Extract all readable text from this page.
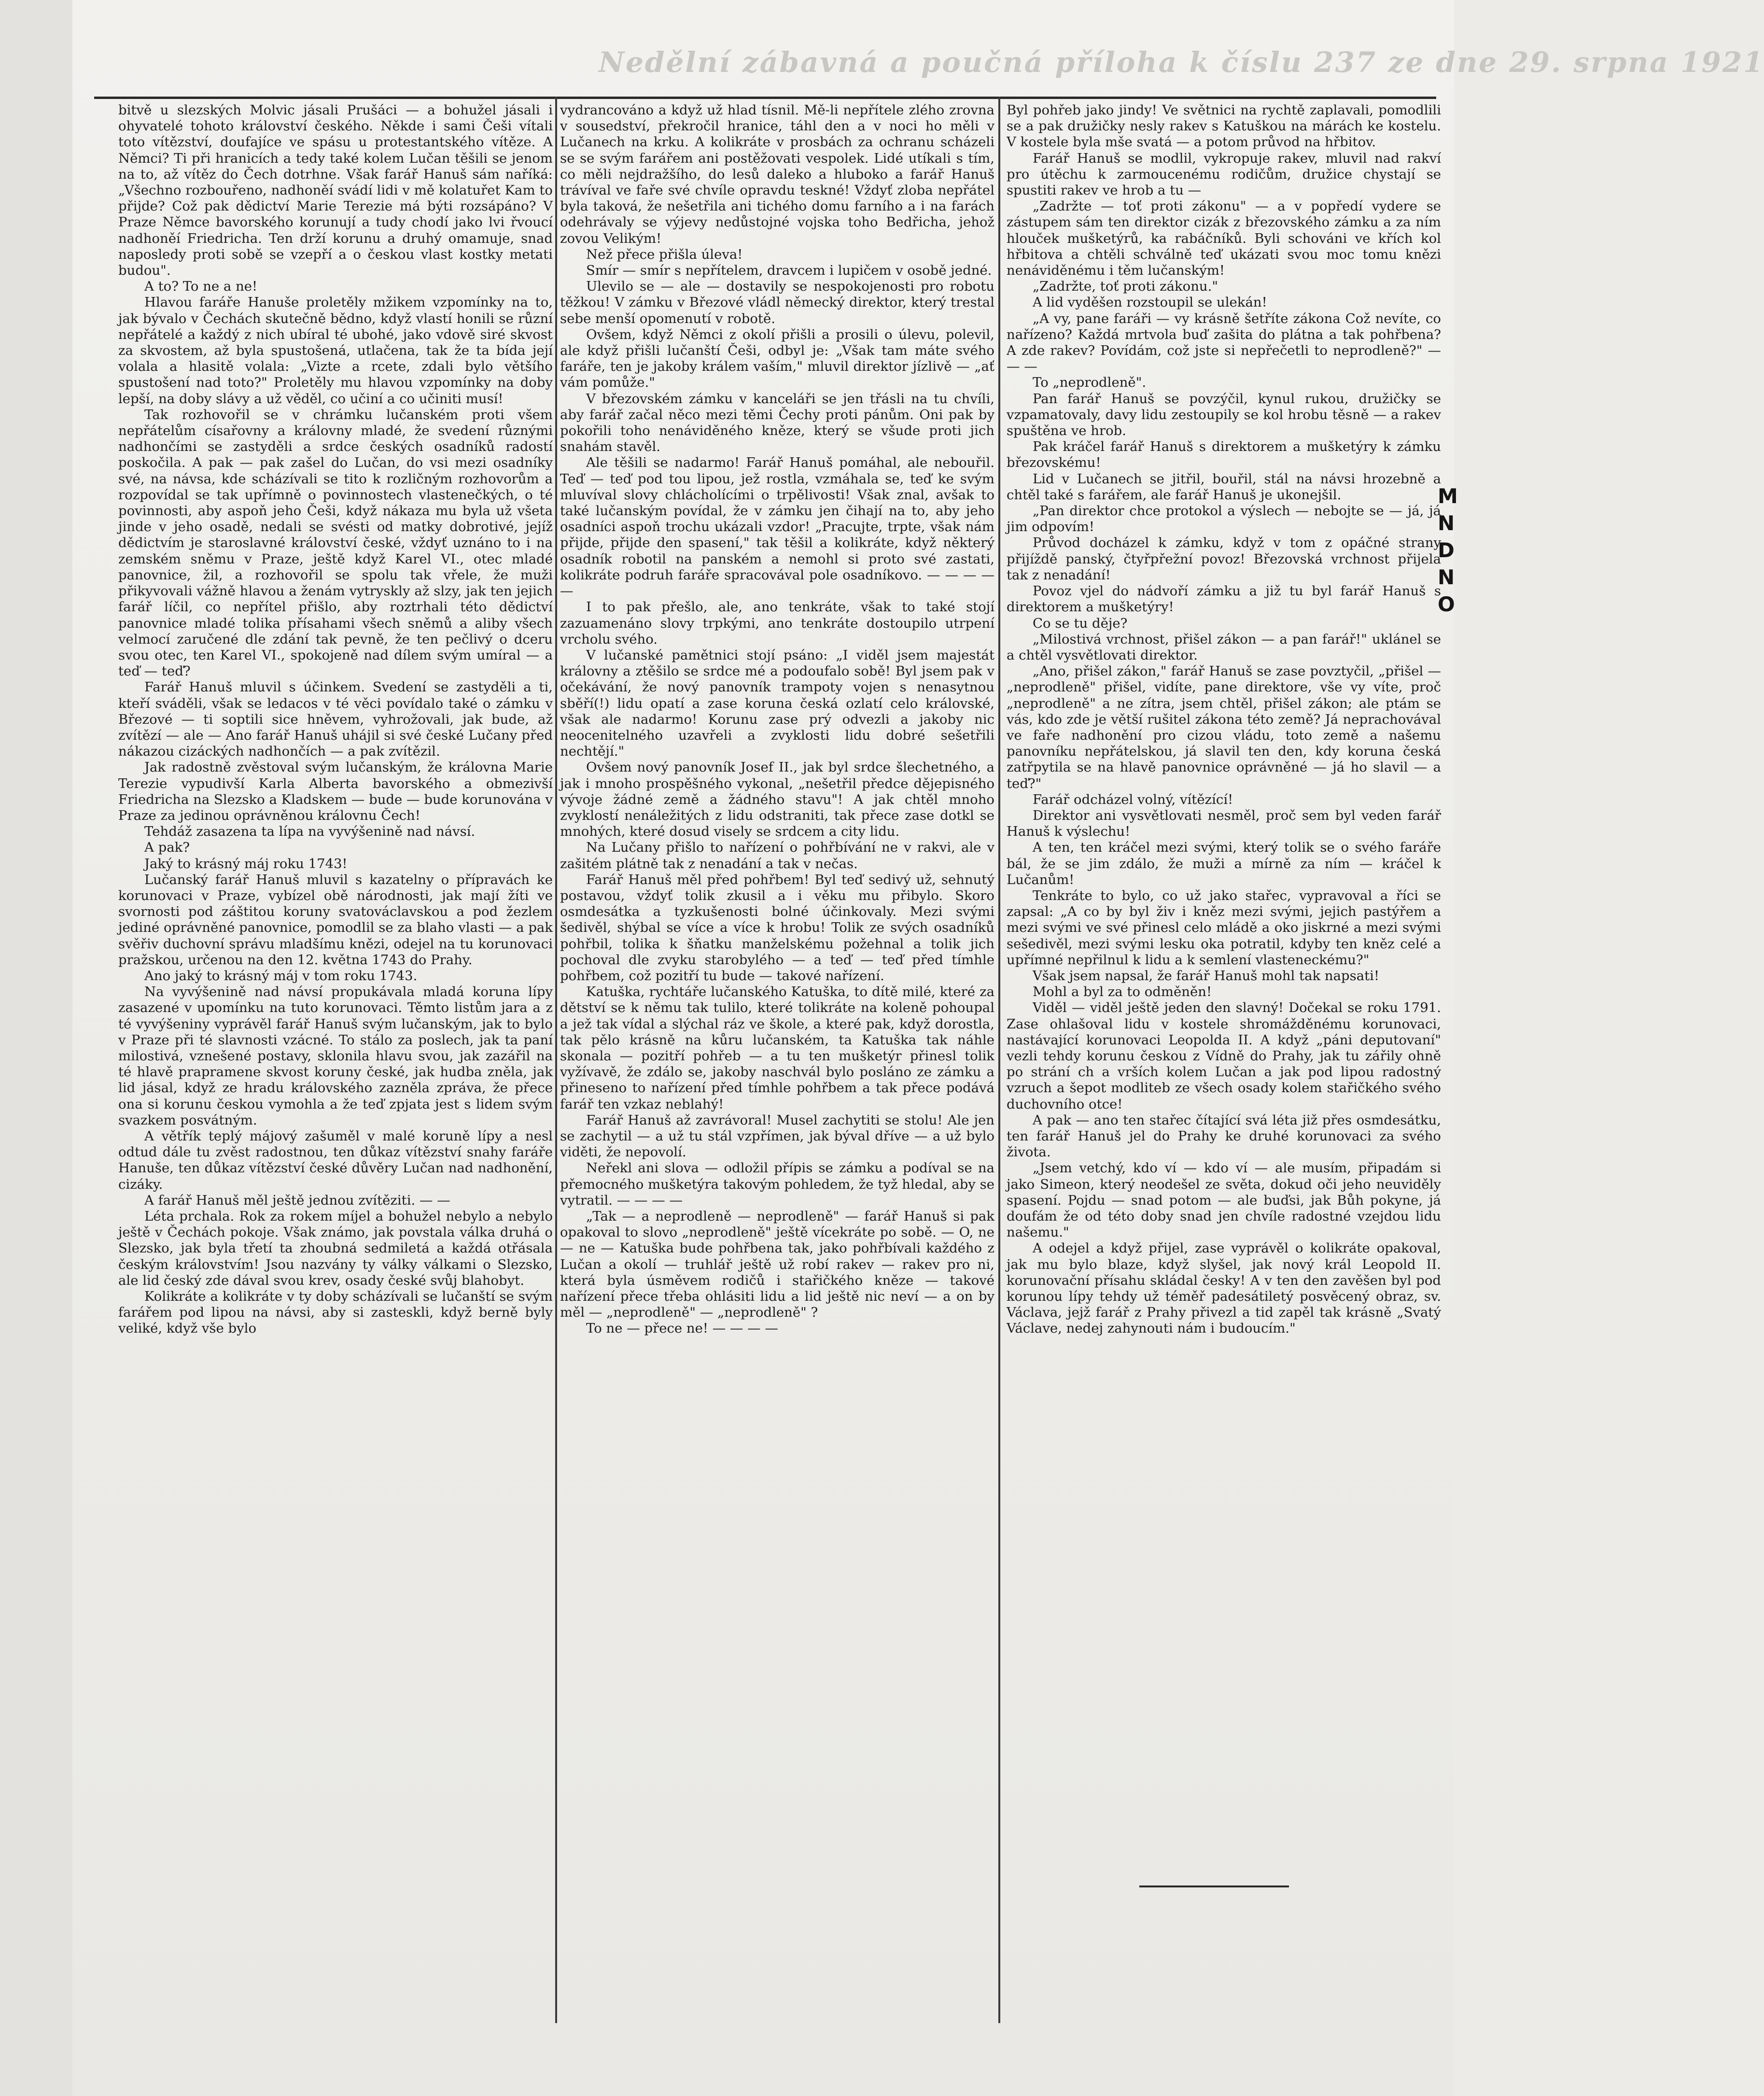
Nedělní zábavná a poučná příloha k číslu 237 ze dne 29. srpna 1921

bitvě u slezských Molvic jásali Prušáci — a bohužel jásali i ohyvatelé tohoto království českého. Někde i sami Češi vítali toto vítězství, doufajíce ve spásu u protestantského vítěze. A Němci? Ti při hranicích a tedy také kolem Lučan těšili se jenom na to, až vítěz do Čech dotrhne. Však farář Hanuš sám naříká: „Všechno rozbouřeno, nadhoněí svádí lidi v mě kolatuřet Kam to přijde? Což pak dědictví Marie Terezie má býti rozsápáno? V Praze Němce bavorského korunují a tudy chodí jako lvi řvoucí nadhoněí Friedricha. Ten drží korunu a druhý omamuje, snad naposledy proti sobě se vzepří a o českou vlast kostky metati budou".

A to? To ne a ne!

Hlavou faráře Hanuše proletěly mžikem vzpomínky na to, jak bývalo v Čechách skutečně bědno, když vlastí honili se různí nepřátelé a každý z nich ubíral té ubohé, jako vdově siré skvost za skvostem, až byla spustošená, utlačena, tak že ta bída její volala a hlasitě volala: „Vizte a rcete, zdali bylo většího spustošení nad toto?" Proletěly mu hlavou vzpomínky na doby lepší, na doby slávy a už věděl, co učiní a co učiniti musí!

Tak rozhovořil se v chrámku lučanském proti všem nepřátelům císařovny a královny mladé, že svedení různými nadhončími se zastyděli a srdce českých osadníků radostí poskočila. A pak — pak zašel do Lučan, do vsi mezi osadníky své, na návsa, kde scházívali se tito k rozličným rozhovorům a rozpovídal se tak upřímně o povinnostech vlastenečkých, o té povinnosti, aby aspoň jeho Češi, když nákaza mu byla už všeta jinde v jeho osadě, nedali se svésti od matky dobrotivé, jejíž dědictvím je staroslavné království české, vždyť uznáno to i na zemském sněmu v Praze, ještě když Karel VI., otec mladé panovnice, žil, a rozhovořil se spolu tak vřele, že muži přikyvovali vážně hlavou a ženám vytryskly až slzy, jak ten jejich farář líčil, co nepřítel přišlo, aby roztrhali této dědictví panovnice mladé tolika přísahami všech sněmů a aliby všech velmocí zaručené dle zdání tak pevně, že ten pečlivý o dceru svou otec, ten Karel VI., spokojeně nad dílem svým umíral — a teď — teď?

Farář Hanuš mluvil s účinkem. Svedení se zastyděli a ti, kteří sváděli, však se ledacos v té věci povídalo také o zámku v Březové — ti soptili sice hněvem, vyhrožovali, jak bude, až zvítězí — ale — Ano farář Hanuš uhájil si své české Lučany před nákazou cizáckých nadhončích — a pak zvítězil.

Jak radostně zvěstoval svým lučanským, že královna Marie Terezie vypudivší Karla Alberta bavorského a obmezivší Friedricha na Slezsko a Kladskem — bude — bude korunována v Praze za jedinou oprávněnou královnu Čech!

Tehdáž zasazena ta lípa na vyvýšenině nad návsí.

A pak?

Jaký to krásný máj roku 1743!

Lučanský farář Hanuš mluvil s kazatelny o přípravách ke korunovaci v Praze, vybízel obě národnosti, jak mají žíti ve svornosti pod záštitou koruny svatováclavskou a pod žezlem jediné oprávněné panovnice, pomodlil se za blaho vlasti — a pak svěřiv duchovní správu mladšímu knězi, odejel na tu korunovaci pražskou, určenou na den 12. května 1743 do Prahy.

Ano jaký to krásný máj v tom roku 1743.

Na vyvýšenině nad návsí propukávala mladá koruna lípy zasazené v upomínku na tuto korunovaci. Těmto listům jara a z té vyvýšeniny vyprávěl farář Hanuš svým lučanským, jak to bylo v Praze při té slavnosti vzácné. To stálo za poslech, jak ta paní milostivá, vznešené postavy, sklonila hlavu svou, jak zazářil na té hlavě prapramene skvost koruny české, jak hudba zněla, jak lid jásal, když ze hradu královského zazněla zpráva, že přece ona si korunu českou vymohla a že teď zpjata jest s lidem svým svazkem posvátným.

A větřík teplý májový zašuměl v malé koruně lípy a nesl odtud dále tu zvěst radostnou, ten důkaz vítězství snahy faráře Hanuše, ten důkaz vítězství české důvěry Lučan nad nadhonění, cizáky.

A farář Hanuš měl ještě jednou zvítěziti. — —

Léta prchala. Rok za rokem míjel a bohužel nebylo a nebylo ještě v Čechách pokoje. Však známo, jak povstala válka druhá o Slezsko, jak byla třetí ta zhoubná sedmiletá a každá otřásala českým královstvím! Jsou nazvány ty války válkami o Slezsko, ale lid český zde dával svou krev, osady české svůj blahobyt.

Kolikráte a kolikráte v ty doby scházívali se lučanští se svým farářem pod lipou na návsi, aby si zasteskli, když berně byly veliké, když vše bylo

vydrancováno a když už hlad tísnil. Mě-li nepřítele zlého zrovna v sousedství, překročil hranice, táhl den a v noci ho měli v Lučanech na krku. A kolikráte v prosbách za ochranu scházeli se se svým farářem ani postěžovati vespolek. Lidé utíkali s tím, co měli nejdražšího, do lesů daleko a hluboko a farář Hanuš trávíval ve faře své chvíle opravdu teskné! Vždyť zloba nepřátel byla taková, že nešetřila ani tichého domu farního a i na farách odehrávaly se výjevy nedůstojné vojska toho Bedřicha, jehož zovou Velikým!

Než přece přišla úleva!

Smír — smír s nepřítelem, dravcem i lupičem v osobě jedné.

Ulevilo se — ale — dostavily se nespokojenosti pro robotu těžkou! V zámku v Březové vládl německý direktor, který trestal sebe menší opomenutí v robotě.

Ovšem, když Němci z okolí přišli a prosili o úlevu, polevil, ale když přišli lučanští Češi, odbyl je: „Však tam máte svého faráře, ten je jakoby králem vaším," mluvil direktor jízlivě — „ať vám pomůže."

V březovském zámku v kanceláři se jen třásli na tu chvíli, aby farář začal něco mezi těmi Čechy proti pánům. Oni pak by pokořili toho nenáviděného kněze, který se všude proti jich snahám stavěl.

Ale těšili se nadarmo! Farář Hanuš pomáhal, ale nebouřil. Teď — teď pod tou lipou, jež rostla, vzmáhala se, teď ke svým mluvíval slovy chlácholícími o trpělivosti! Však znal, avšak to také lučanským povídal, že v zámku jen čihají na to, aby jeho osadníci aspoň trochu ukázali vzdor! „Pracujte, trpte, však nám přijde, přijde den spasení," tak těšil a kolikráte, když některý osadník robotil na panském a nemohl si proto své zastati, kolikráte podruh faráře spracovával pole osadníkovo. — — — — —

I to pak přešlo, ale, ano tenkráte, však to také stojí zazuamenáno slovy trpkými, ano tenkráte dostoupilo utrpení vrcholu svého.

V lučanské pamětnici stojí psáno: „I viděl jsem majestát královny a ztěšilo se srdce mé a podoufalo sobě! Byl jsem pak v očekávání, že nový panovník trampoty vojen s nenasytnou sběří(!) lidu opatí a zase koruna česká ozlatí celo královské, však ale nadarmo! Korunu zase prý odvezli a jakoby nic neocenitelného uzavřeli a zvyklosti lidu dobré sešetřili nechtějí."

Ovšem nový panovník Josef II., jak byl srdce šlechetného, a jak i mnoho prospěšného vykonal, „nešetřil předce dějepisného vývoje žádné země a žádného stavu"! A jak chtěl mnoho zvyklostí nenáležitých z lidu odstraniti, tak přece zase dotkl se mnohých, které dosud visely se srdcem a city lidu.

Na Lučany přišlo to nařízení o pohřbívání ne v rakvi, ale v zašitém plátně tak z nenadání a tak v nečas.

Farář Hanuš měl před pohřbem! Byl teď sedivý už, sehnutý postavou, vždyť tolik zkusil a i věku mu přibylo. Skoro osmdesátka a tyzkušenosti bolné účinkovaly. Mezi svými šedivěl, shýbal se více a více k hrobu! Tolik ze svých osadníků pohřbil, tolika k šňatku manželskému požehnal a tolik jich pochoval dle zvyku starobylého — a teď — teď před tímhle pohřbem, což pozitří tu bude — takové nařízení.

Katuška, rychtáře lučanského Katuška, to dítě milé, které za dětství se k němu tak tulilo, které tolikráte na koleně pohoupal a jež tak vídal a slýchal ráz ve škole, a které pak, když dorostla, tak pělo krásně na kůru lučanském, ta Katuška tak náhle skonala — pozitří pohřeb — a tu ten mušketýr přinesl tolik vyžívavě, že zdálo se, jakoby naschvál bylo posláno ze zámku a přineseno to nařízení před tímhle pohřbem a tak přece podává farář ten vzkaz neblahý!

Farář Hanuš až zavrávoral! Musel zachytiti se stolu! Ale jen se zachytil — a už tu stál vzpřímen, jak býval dříve — a už bylo viděti, že nepovolí.

Neřekl ani slova — odložil přípis se zámku a podíval se na přemocného mušketýra takovým pohledem, že tyž hledal, aby se vytratil. — — — —

„Tak — a neprodleně — neprodleně" — farář Hanuš si pak opakoval to slovo „neprodleně" ještě vícekráte po sobě. — O, ne — ne — Katuška bude pohřbena tak, jako pohřbívali každého z Lučan a okolí — truhlář ještě už robí rakev — rakev pro ni, která byla úsměvem rodičů i stařičkého kněze — takové nařízení přece třeba ohlásiti lidu a lid ještě nic neví — a on by měl — „neprodleně" — „neprodleně" ?

To ne — přece ne! — — — —

Byl pohřeb jako jindy! Ve světnici na rychtě zaplavali, pomodlili se a pak družičky nesly rakev s Katuškou na márách ke kostelu. V kostele byla mše svatá — a potom průvod na hřbitov.

Farář Hanuš se modlil, vykropuje rakev, mluvil nad rakví pro útěchu k zarmoucenému rodičům, družice chystají se spustiti rakev ve hrob a tu —

„Zadržte — toť proti zákonu" — a v popředí vydere se zástupem sám ten direktor cizák z březovského zámku a za ním hlouček mušketýrů, ka rabáčníků. Byli schováni ve křích kol hřbitova a chtěli schválně teď ukázati svou moc tomu knězi nenáviděnému i těm lučanským!

„Zadržte, toť proti zákonu."

A lid vyděšen rozstoupil se ulekán!

„A vy, pane faráři — vy krásně šetříte zákona Což nevíte, co nařízeno? Každá mrtvola buď zašita do plátna a tak pohřbena? A zde rakev? Povídám, což jste si nepřečetli to neprodleně?" — — —

To „neprodleně".

Pan farář Hanuš se povzýčil, kynul rukou, družičky se vzpamatovaly, davy lidu zestoupily se kol hrobu těsně — a rakev spuštěna ve hrob.

Pak kráčel farář Hanuš s direktorem a mušketýry k zámku březovskému!

Lid v Lučanech se jitřil, bouřil, stál na návsi hrozebně a chtěl také s farářem, ale farář Hanuš je ukonejšil.

„Pan direktor chce protokol a výslech — nebojte se — já, já jim odpovím!

Průvod docházel k zámku, když v tom z opáčné strany přijíždě panský, čtyřpřežní povoz! Březovská vrchnost přijela tak z nenadání!

Povoz vjel do nádvoří zámku a již tu byl farář Hanuš s direktorem a mušketýry!

Co se tu děje?

„Milostivá vrchnost, přišel zákon — a pan farář!" uklánel se a chtěl vysvětlovati direktor.

„Ano, přišel zákon," farář Hanuš se zase povztyčil, „přišel — „neprodleně" přišel, vidíte, pane direktore, vše vy víte, proč „neprodleně" a ne zítra, jsem chtěl, přišel zákon; ale ptám se vás, kdo zde je větší rušitel zákona této země? Já neprachovával ve faře nadhonění pro cizou vládu, toto země a našemu panovníku nepřátelskou, já slavil ten den, kdy koruna česká zatřpytila se na hlavě panovnice oprávněné — já ho slavil — a teď?"

Farář odcházel volný, vítězící!

Direktor ani vysvětlovati nesměl, proč sem byl veden farář Hanuš k výslechu!

A ten, ten kráčel mezi svými, který tolik se o svého faráře bál, že se jim zdálo, že muži a mírně za ním — kráčel k Lučanům!

Tenkráte to bylo, co už jako stařec, vypravoval a říci se zapsal: „A co by byl živ i kněz mezi svými, jejich pastýřem a mezi svými ve své přinesl celo mládě a oko jiskrné a mezi svými sešedivěl, mezi svými lesku oka potratil, kdyby ten kněz celé a upřímné nepřilnul k lidu a k semlení vlasteneckému?"

Však jsem napsal, že farář Hanuš mohl tak napsati!

Mohl a byl za to odměněn!

Viděl — viděl ještě jeden den slavný! Dočekal se roku 1791. Zase ohlašoval lidu v kostele shromážděnému korunovaci, nastávající korunovaci Leopolda II. A když „páni deputovaní" vezli tehdy korunu českou z Vídně do Prahy, jak tu zářily ohně po strání ch a vrších kolem Lučan a jak pod lipou radostný vzruch a šepot modliteb ze všech osady kolem stařičkého svého duchovního otce!

A pak — ano ten stařec čítající svá léta již přes osmdesátku, ten farář Hanuš jel do Prahy ke druhé korunovaci za svého života.

„Jsem vetchý, kdo ví — kdo ví — ale musím, připadám si jako Simeon, který neodešel ze světa, dokud oči jeho neuviděly spasení. Pojdu — snad potom — ale buďsi, jak Bůh pokyne, já doufám že od této doby snad jen chvíle radostné vzejdou lidu našemu."

A odejel a když přijel, zase vyprávěl o kolikráte opakoval, jak mu bylo blaze, když slyšel, jak nový král Leopold II. korunovační přísahu skládal česky! A v ten den zavěšen byl pod korunou lípy tehdy už téměř padesátiletý posvěcený obraz, sv. Václava, jejž farář z Prahy přivezl a tid zapěl tak krásně „Svatý Václave, nedej zahynouti nám i budoucím."

M N D N O
